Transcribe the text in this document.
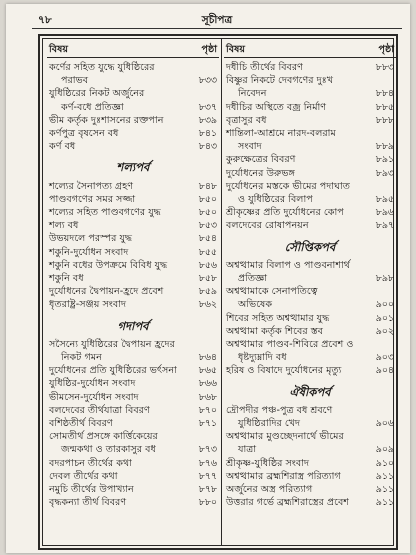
৭৮	সূচীপত্র
বিষয়	পৃষ্ঠা
কর্ণের সহিত যুদ্ধে যুধিষ্ঠিরের
পরাভব	৮৩৩
যুধিষ্ঠিরের নিকট অর্জুনের
কর্ণ-বধে প্রতিজ্ঞা	৮৩৭
ভীম কর্তৃক দুঃশাসনের রক্তপান	৮৩৯
কর্ণপুত্র বৃষসেন বধ	৮৪১
কর্ণ বধ	৮৪৩
শল্যপর্ব
শল্যের সৈনাপত্য গ্রহণ	৮৪৮
পাণ্ডবগণের সমর সজ্জা	৮৫০
শল্যের সহিত পাণ্ডবগণের যুদ্ধ	৮৫০
শল্য বধ	৮৫৩
উভয়দলে পরস্পর যুদ্ধ	৮৫৪
শকুনি-দুর্যোধন সংবাদ	৮৫৫
শকুনি বধের উপক্রমে বিবিধ যুদ্ধ	৮৫৬
শকুনি বধ	৮৫৮
দুর্যোধনের দ্বৈপায়ন-হ্রদে প্রবেশ	৮৫৯
ধৃতরাষ্ট্র-সঞ্জয় সংবাদ	৮৬২
গদাপর্ব
সসৈন্যে যুধিষ্ঠিরের দ্বৈপায়ন হ্রদের
নিকট গমন	৮৬৪
দুর্যোধনের প্রতি যুধিষ্ঠিরের ভর্ৎসনা	৮৬৫
যুধিষ্ঠির-দুর্যোধন সংবাদ	৮৬৬
ভীমসেন-দুর্যোধন সংবাদ	৮৬৮
বলদেবের তীর্থযাত্রা বিবরণ	৮৭০
বশিষ্ঠতীর্থ বিবরণ	৮৭১
সোমতীর্থ প্রসঙ্গে কার্ত্তিকেয়ের
জন্মকথা ও তারকাসুর বধ	৮৭৩
বদরপাচন তীর্থের কথা	৮৭৬
দেবল তীর্থের কথা	৮৭৭
নমুচি তীর্থের উপাখ্যান	৮৭৮
বৃদ্ধকন্যা তীর্থ বিবরণ	৮৮০
বিষয়	পৃষ্ঠা
দধীচি তীর্থের বিবরণ	৮৮৩
বিষ্ণুর নিকটে দেবগণের দুঃখ
নিবেদন	৮৮৪
দধীচির অস্থিতে বজ্র নির্মাণ	৮৮৫
বৃত্রাসুর বধ	৮৮৮
শান্তিলা-আশ্রমে নারদ-বলরাম
সংবাদ	৮৮৯
কুরুক্ষেত্রের বিবরণ	৮৯১
দুর্যোধনের উরুভঙ্গ	৮৯৩
দুর্যোধনের মস্তকে ভীমের পদাঘাত
ও যুধিষ্ঠিরের বিলাপ	৮৯৫
শ্রীকৃষ্ণের প্রতি দুর্যোধনের কোপ	৮৯৬
বলদেবের রোষাপনয়ন	৮৯৭
সৌপ্তিকপর্ব
অশ্বত্থামার বিলাপ ও পাণ্ডবনাশার্থ
প্রতিজ্ঞা	৮৯৮
অশ্বত্থামাকে সেনাপতিত্বে
অভিষেক	৯০০
শিবের সহিত অশ্বত্থামার যুদ্ধ	৯০১
অশ্বত্থামা কর্তৃক শিবের স্তব	৯০২
অশ্বত্থামার পাণ্ডব-শিবিরে প্রবেশ ও
ধৃষ্টদ্যুম্নাদি বধ	৯০৩
হরিষ ও বিষাদে দুর্যোধনের মৃত্যু	৯০৪
ঐষীকপর্ব
দ্রৌপদীর পঞ্চ-পুত্র বধ শ্রবণে
যুধিষ্ঠিরাদির খেদ	৯০৬
অশ্বত্থামার মুণ্ডচ্ছেদনার্থে ভীমের
যাত্রা	৯০৯
শ্রীকৃষ্ণ-যুধিষ্ঠির সংবাদ	৯১০
অশ্বত্থামার ব্রহ্মশিরাস্ত্র পরিত্যাগ	৯১১
অর্জুনের অস্ত্র পরিত্যাগ	৯১১
উত্তরার গর্ভে ব্রহ্মশিরাস্ত্রের প্রবেশ	৯১১
